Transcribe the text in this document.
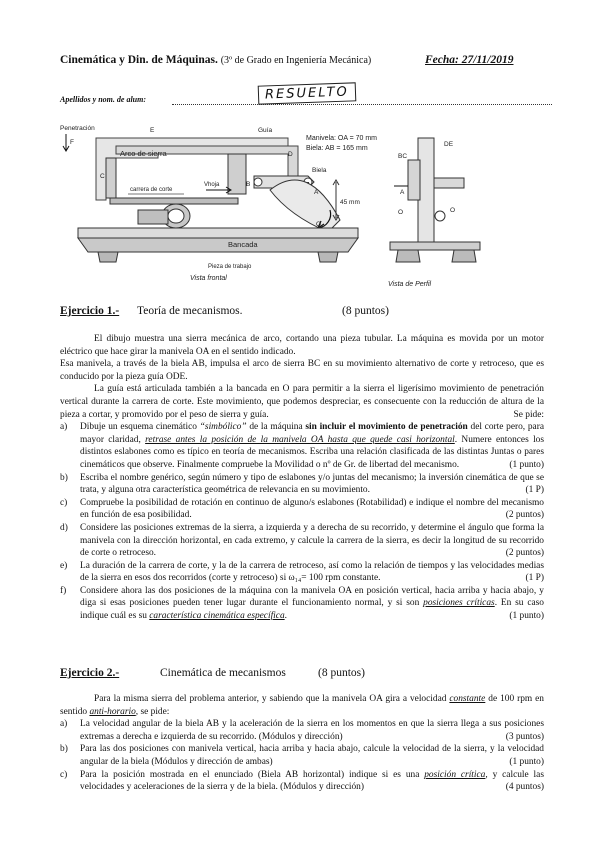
Cinemática y Din. de Máquinas. (3º de Grado en Ingeniería Mecánica)	Fecha: 27/11/2019
Apellidos y nom. de alum:	RESUELTO
Penetración
F
E	Guía
Arco de sierra
C
D
Biela
B
A
O
carrera de corte
Vhoja
Bancada
Pieza de trabajo
Vista frontal
Vista de Perfil
Manivela: OA = 70 mm
Biela: AB = 165 mm
45 mm
BC
DE
A
O	O
Ejercicio 1.- Teoría de mecanismos.	(8 puntos)

El dibujo muestra una sierra mecánica de arco, cortando una pieza tubular. La máquina es movida por un motor eléctrico que hace girar la manivela OA en el sentido indicado.

Esa manivela, a través de la biela AB, impulsa el arco de sierra BC en su movimiento alternativo de corte y retroceso, que es conducido por la pieza guía ODE.

La guía está articulada también a la bancada en O para permitir a la sierra el ligerísimo movimiento de penetración vertical durante la carrera de corte. Este movimiento, que podemos despreciar, es consecuente con la reducción de altura de la pieza a cortar, y promovido por el peso de sierra y guía.	Se pide:

a) Dibuje un esquema cinemático “simbólico” de la máquina sin incluir el movimiento de penetración del corte pero, para mayor claridad, retrase antes la posición de la manivela OA hasta que quede casi horizontal. Numere entonces los distintos eslabones como es típico en teoría de mecanismos. Escriba una relación clasificada de las distintas Juntas o pares cinemáticos que observe. Finalmente compruebe la Movilidad o nº de Gr. de libertad del mecanismo.	(1 punto)
b) Escriba el nombre genérico, según número y tipo de eslabones y/o juntas del mecanismo; la inversión cinemática de que se trata, y alguna otra característica geométrica de relevancia en su movimiento.	(1 P)
c) Compruebe la posibilidad de rotación en continuo de alguno/s eslabones (Rotabilidad) e indique el nombre del mecanismo en función de esa posibilidad.	(2 puntos)
d) Considere las posiciones extremas de la sierra, a izquierda y a derecha de su recorrido, y determine el ángulo que forma la manivela con la dirección horizontal, en cada extremo, y calcule la carrera de la sierra, es decir la longitud de su recorrido de corte o retroceso.	(2 puntos)
e) La duración de la carrera de corte, y la de la carrera de retroceso, así como la relación de tiempos y las velocidades medias de la sierra en esos dos recorridos (corte y retroceso) si ω₁₄= 100 rpm constante.	(1 P)
f) Considere ahora las dos posiciones de la máquina con la manivela OA en posición vertical, hacia arriba y hacia abajo, y diga si esas posiciones pueden tener lugar durante el funcionamiento normal, y si son posiciones críticas. En su caso indique cuál es su característica cinemática específica.	(1 punto)
Ejercicio 2.-	Cinemática de mecanismos	(8 puntos)

Para la misma sierra del problema anterior, y sabiendo que la manivela OA gira a velocidad constante de 100 rpm en sentido anti-horario, se pide:

a) La velocidad angular de la biela AB y la aceleración de la sierra en los momentos en que la sierra llega a sus posiciones extremas a derecha e izquierda de su recorrido. (Módulos y dirección)	(3 puntos)
b) Para las dos posiciones con manivela vertical, hacia arriba y hacia abajo, calcule la velocidad de la sierra, y la velocidad angular de la biela (Módulos y dirección de ambas)	(1 punto)
c) Para la posición mostrada en el enunciado (Biela AB horizontal) indique si es una posición crítica, y calcule las velocidades y aceleraciones de la sierra y de la biela. (Módulos y dirección)	(4 puntos)
